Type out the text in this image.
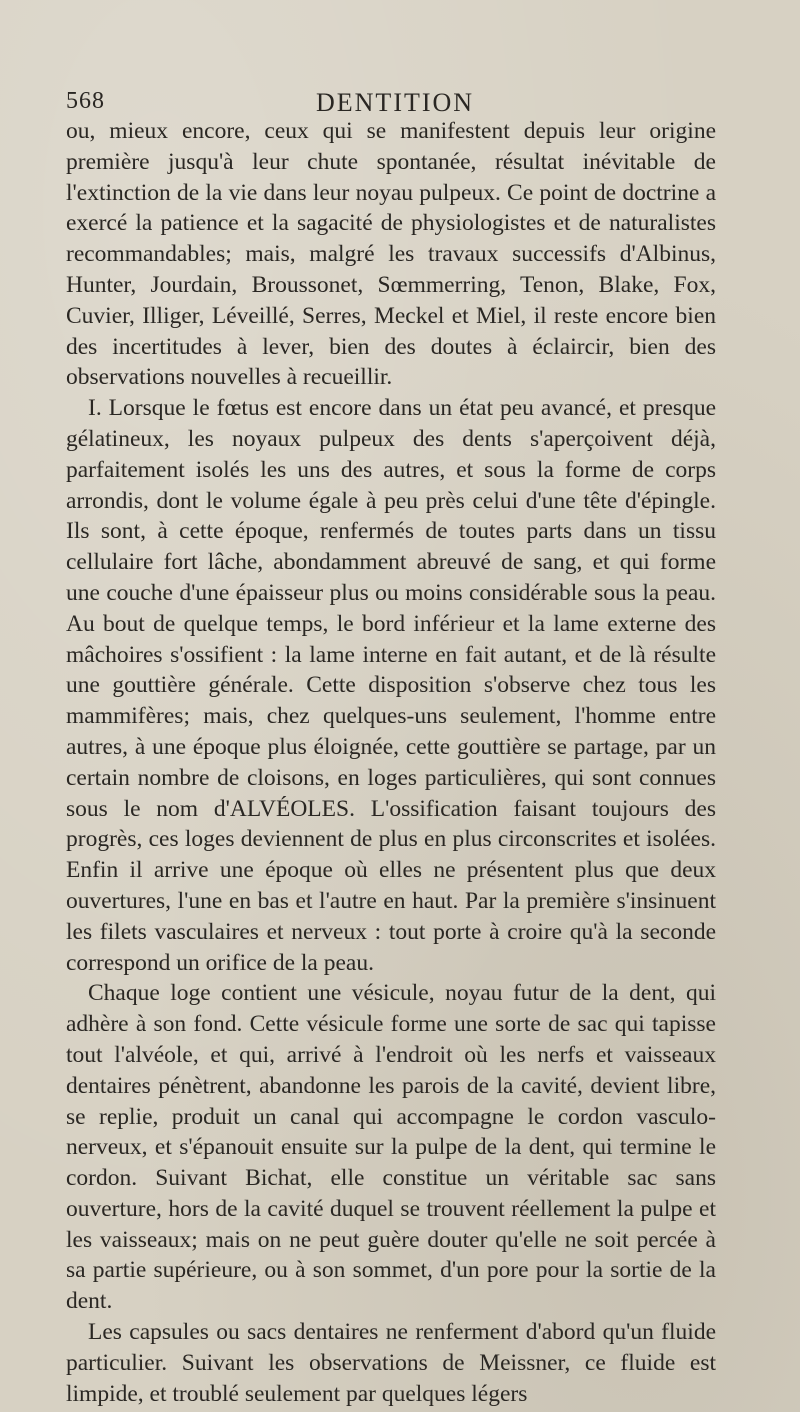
568	DENTITION

ou, mieux encore, ceux qui se manifestent depuis leur origine première jusqu'à leur chute spontanée, résultat inévitable de l'extinction de la vie dans leur noyau pulpeux. Ce point de doctrine a exercé la patience et la sagacité de physiologistes et de naturalistes recommandables; mais, malgré les travaux successifs d'Albinus, Hunter, Jourdain, Broussonet, Sœmmerring, Tenon, Blake, Fox, Cuvier, Illiger, Léveillé, Serres, Meckel et Miel, il reste encore bien des incertitudes à lever, bien des doutes à éclaircir, bien des observations nouvelles à recueillir.

I. Lorsque le fœtus est encore dans un état peu avancé, et presque gélatineux, les noyaux pulpeux des dents s'aperçoivent déjà, parfaitement isolés les uns des autres, et sous la forme de corps arrondis, dont le volume égale à peu près celui d'une tête d'épingle. Ils sont, à cette époque, renfermés de toutes parts dans un tissu cellulaire fort lâche, abondamment abreuvé de sang, et qui forme une couche d'une épaisseur plus ou moins considérable sous la peau. Au bout de quelque temps, le bord inférieur et la lame externe des mâchoires s'ossifient : la lame interne en fait autant, et de là résulte une gouttière générale. Cette disposition s'observe chez tous les mammifères; mais, chez quelques-uns seulement, l'homme entre autres, à une époque plus éloignée, cette gouttière se partage, par un certain nombre de cloisons, en loges particulières, qui sont connues sous le nom d'ALVÉOLES. L'ossification faisant toujours des progrès, ces loges deviennent de plus en plus circonscrites et isolées. Enfin il arrive une époque où elles ne présentent plus que deux ouvertures, l'une en bas et l'autre en haut. Par la première s'insinuent les filets vasculaires et nerveux : tout porte à croire qu'à la seconde correspond un orifice de la peau.

Chaque loge contient une vésicule, noyau futur de la dent, qui adhère à son fond. Cette vésicule forme une sorte de sac qui tapisse tout l'alvéole, et qui, arrivé à l'endroit où les nerfs et vaisseaux dentaires pénètrent, abandonne les parois de la cavité, devient libre, se replie, produit un canal qui accompagne le cordon vasculo-nerveux, et s'épanouit ensuite sur la pulpe de la dent, qui termine le cordon. Suivant Bichat, elle constitue un véritable sac sans ouverture, hors de la cavité duquel se trouvent réellement la pulpe et les vaisseaux; mais on ne peut guère douter qu'elle ne soit percée à sa partie supérieure, ou à son sommet, d'un pore pour la sortie de la dent.

Les capsules ou sacs dentaires ne renferment d'abord qu'un fluide particulier. Suivant les observations de Meissner, ce fluide est limpide, et troublé seulement par quelques légers
